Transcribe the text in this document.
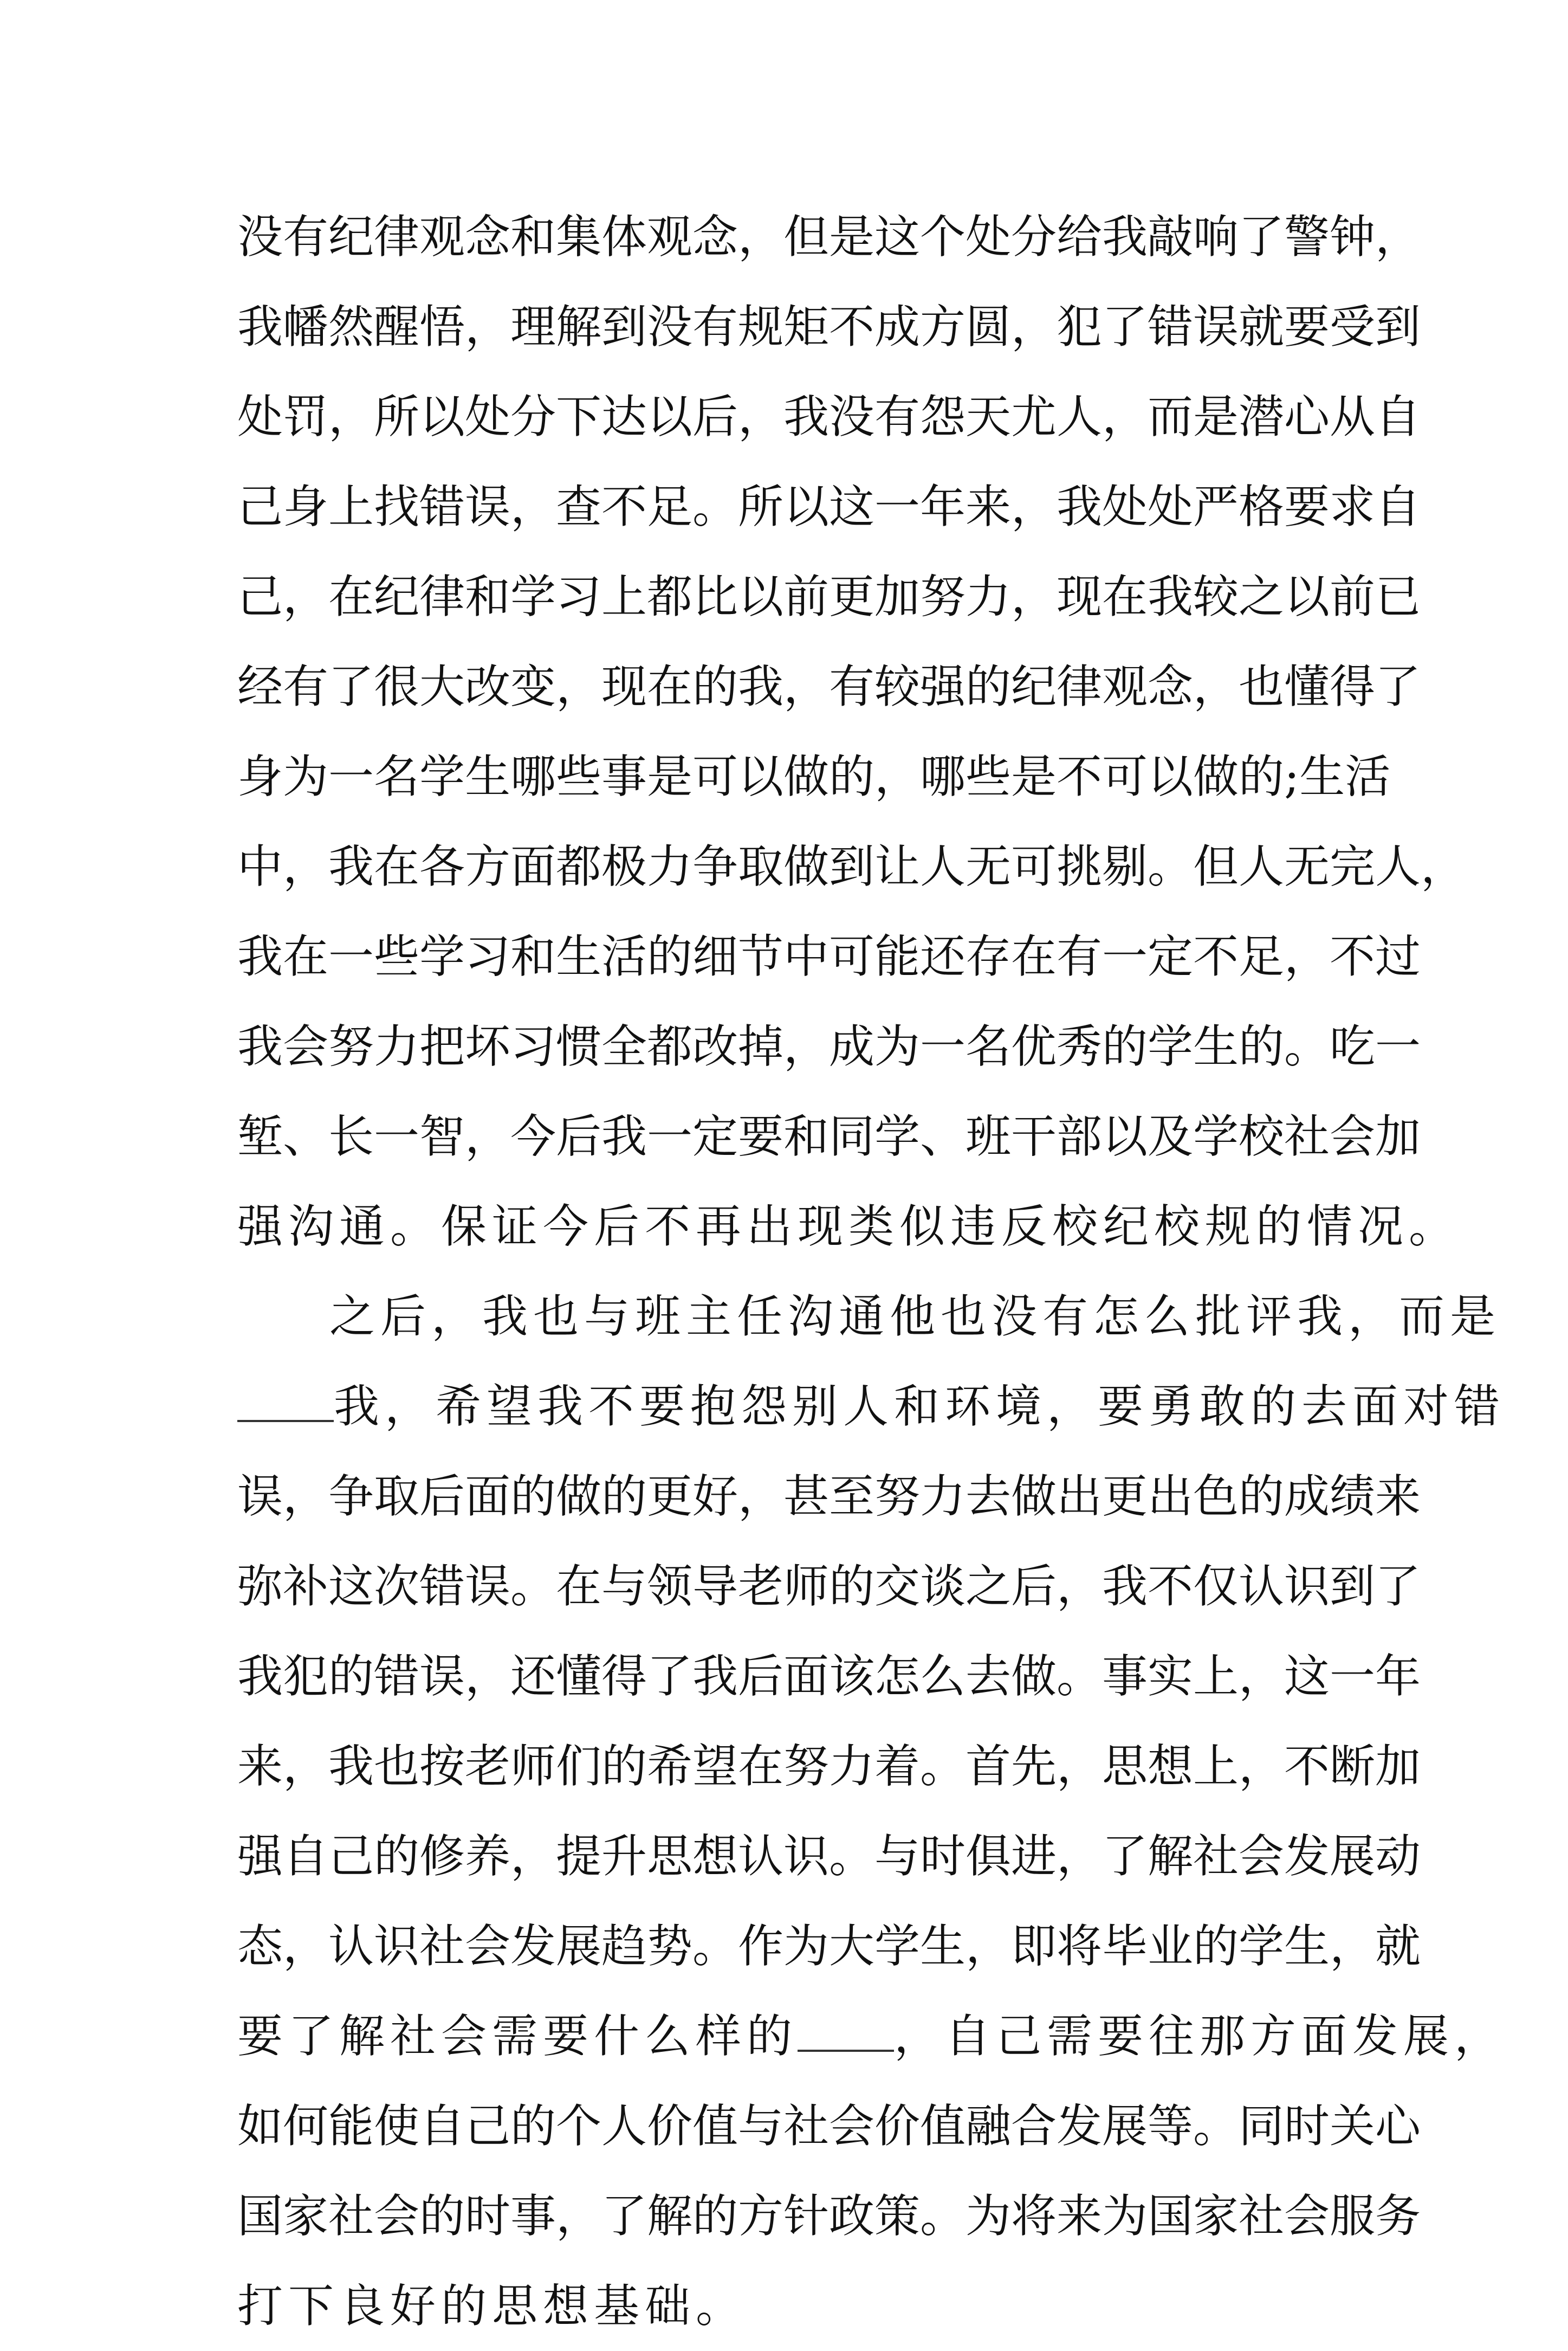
没有纪律观念和集体观念，但是这个处分给我敲响了警钟，
我幡然醒悟，理解到没有规矩不成方圆，犯了错误就要受到
处罚，所以处分下达以后，我没有怨天尤人，而是潜心从自
己身上找错误，查不足。所以这一年来，我处处严格要求自
己，在纪律和学习上都比以前更加努力，现在我较之以前已
经有了很大改变，现在的我，有较强的纪律观念，也懂得了
身为一名学生哪些事是可以做的，哪些是不可以做的;生活
中，我在各方面都极力争取做到让人无可挑剔。但人无完人，
我在一些学习和生活的细节中可能还存在有一定不足，不过
我会努力把坏习惯全都改掉，成为一名优秀的学生的。吃一
堑、长一智，今后我一定要和同学、班干部以及学校社会加
强沟通。保证今后不再出现类似违反校纪校规的情况。
之后，我也与班主任沟通他也没有怎么批评我，而是
我，希望我不要抱怨别人和环境，要勇敢的去面对错
误，争取后面的做的更好，甚至努力去做出更出色的成绩来
弥补这次错误。在与领导老师的交谈之后，我不仅认识到了
我犯的错误，还懂得了我后面该怎么去做。事实上，这一年
来，我也按老师们的希望在努力着。首先，思想上，不断加
强自己的修养，提升思想认识。与时俱进，了解社会发展动
态，认识社会发展趋势。作为大学生，即将毕业的学生，就
要了解社会需要什么样的 ，自己需要往那方面发展，
如何能使自己的个人价值与社会价值融合发展等。同时关心
国家社会的时事，了解的方针政策。为将来为国家社会服务
打下良好的思想基础。
